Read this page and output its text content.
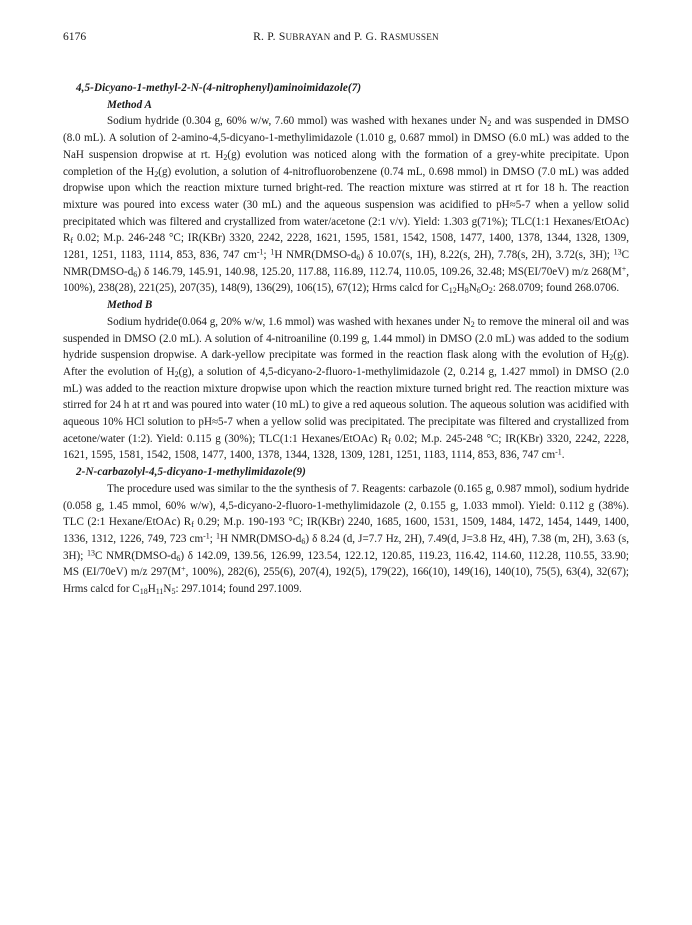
6176	R. P. SUBRAYAN and P. G. RASMUSSEN

4,5-Dicyano-1-methyl-2-N-(4-nitrophenyl)aminoimidazole(7)

Method A

Sodium hydride (0.304 g, 60% w/w, 7.60 mmol) was washed with hexanes under $N_2$ and was suspended in DMSO (8.0 mL). A solution of 2-amino-4,5-dicyano-1-methylimidazole (1.010 g, 0.687 mmol) in DMSO (6.0 mL) was added to the NaH suspension dropwise at rt. $H_2(g)$ evolution was noticed along with the formation of a grey-white precipitate. Upon completion of the $H_2(g)$ evolution, a solution of 4-nitrofluorobenzene (0.74 mL, 0.698 mmol) in DMSO (7.0 mL) was added dropwise upon which the reaction mixture turned bright-red. The reaction mixture was stirred at rt for 18 h. The reaction mixture was poured into excess water (30 mL) and the aqueous suspension was acidified to pH≈5-7 when a yellow solid precipitated which was filtered and crystallized from water/acetone (2:1 v/v). Yield: 1.303 g(71%); TLC(1:1 Hexanes/EtOAc) $R_f$ 0.02; M.p. 246-248 °C; IR(KBr) 3320, 2242, 2228, 1621, 1595, 1581, 1542, 1508, 1477, 1400, 1378, 1344, 1328, 1309, 1281, 1251, 1183, 1114, 853, 836, 747 $cm^{-1}$; $^1$H $NMR(DMSO-d_6)$ δ 10.07(s, 1H), 8.22(s, 2H), 7.78(s, 2H), 3.72(s, 3H); $^{13}$C $NMR(DMSO-d_6)$ δ 146.79, 145.91, 140.98, 125.20, 117.88, 116.89, 112.74, 110.05, 109.26, 32.48; MS(EI/70eV) m/z 268(M+, 100%), 238(28), 221(25), 207(35), 148(9), 136(29), 106(15), 67(12); Hrms calcd for $C_{12}H_8N_6O_2$: 268.0709; found 268.0706.

Method B

Sodium hydride(0.064 g, 20% w/w, 1.6 mmol) was washed with hexanes under $N_2$ to remove the mineral oil and was suspended in DMSO (2.0 mL). A solution of 4-nitroaniline (0.199 g, 1.44 mmol) in DMSO (2.0 mL) was added to the sodium hydride suspension dropwise. A dark-yellow precipitate was formed in the reaction flask along with the evolution of $H_2(g)$. After the evolution of $H_2(g)$, a solution of 4,5-dicyano-2-fluoro-1-methylimidazole (2, 0.214 g, 1.427 mmol) in DMSO (2.0 mL) was added to the reaction mixture dropwise upon which the reaction mixture turned bright red. The reaction mixture was stirred for 24 h at rt and was poured into water (10 mL) to give a red aqueous solution. The aqueous solution was acidified with aqueous 10% HCl solution to pH≈5-7 when a yellow solid was precipitated. The precipitate was filtered and crystallized from acetone/water (1:2). Yield: 0.115 g (30%); TLC(1:1 Hexanes/EtOAc) $R_f$ 0.02; M.p. 245-248 °C; IR(KBr) 3320, 2242, 2228, 1621, 1595, 1581, 1542, 1508, 1477, 1400, 1378, 1344, 1328, 1309, 1281, 1251, 1183, 1114, 853, 836, 747 $cm^{-1}$.

2-N-carbazolyl-4,5-dicyano-1-methylimidazole(9)

The procedure used was similar to the the synthesis of 7. Reagents: carbazole (0.165 g, 0.987 mmol), sodium hydride (0.058 g, 1.45 mmol, 60% w/w), 4,5-dicyano-2-fluoro-1-methylimidazole (2, 0.155 g, 1.033 mmol). Yield: 0.112 g (38%). TLC (2:1 Hexane/EtOAc) $R_f$ 0.29; M.p. 190-193 °C; IR(KBr) 2240, 1685, 1600, 1531, 1509, 1484, 1472, 1454, 1449, 1400, 1336, 1312, 1226, 749, 723 $cm^{-1}$; $^1$H $NMR(DMSO-d_6)$ δ 8.24 (d, J=7.7 Hz, 2H), 7.49(d, J=3.8 Hz, 4H), 7.38 (m, 2H), 3.63 (s, 3H); $^{13}$C $NMR(DMSO-d_6)$ δ 142.09, 139.56, 126.99, 123.54, 122.12, 120.85, 119.23, 116.42, 114.60, 112.28, 110.55, 33.90; MS (EI/70eV) m/z 297(M+, 100%), 282(6), 255(6), 207(4), 192(5), 179(22), 166(10), 149(16), 140(10), 75(5), 63(4), 32(67); Hrms calcd for $C_{18}H_{11}N_5$: 297.1014; found 297.1009.
